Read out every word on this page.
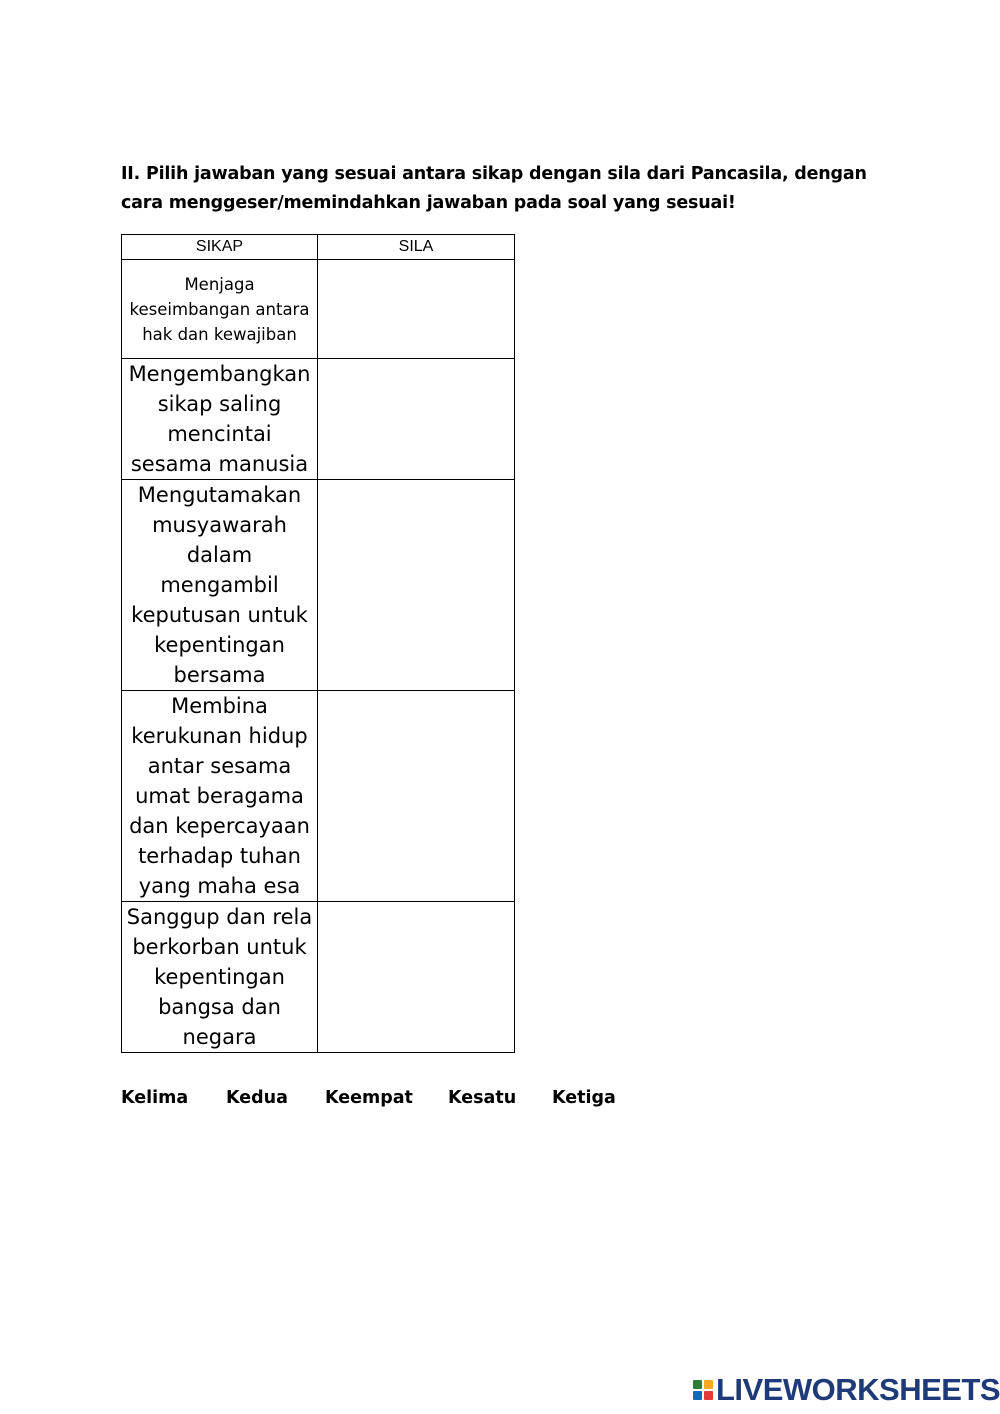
II. Pilih jawaban yang sesuai antara sikap dengan sila dari Pancasila, dengan cara menggeser/memindahkan jawaban pada soal yang sesuai!
SIKAP	SILA

Menjaga keseimbangan antara hak dan kewajiban	

Mengembangkan sikap saling mencintai sesama manusia	

Mengutamakan musyawarah dalam mengambil keputusan untuk kepentingan bersama	

Membina kerukunan hidup antar sesama umat beragama dan kepercayaan terhadap tuhan yang maha esa	

Sanggup dan rela berkorban untuk kepentingan bangsa dan negara	

Kelima Kedua Keempat Kesatu Ketiga
LIVEWORKSHEETS
